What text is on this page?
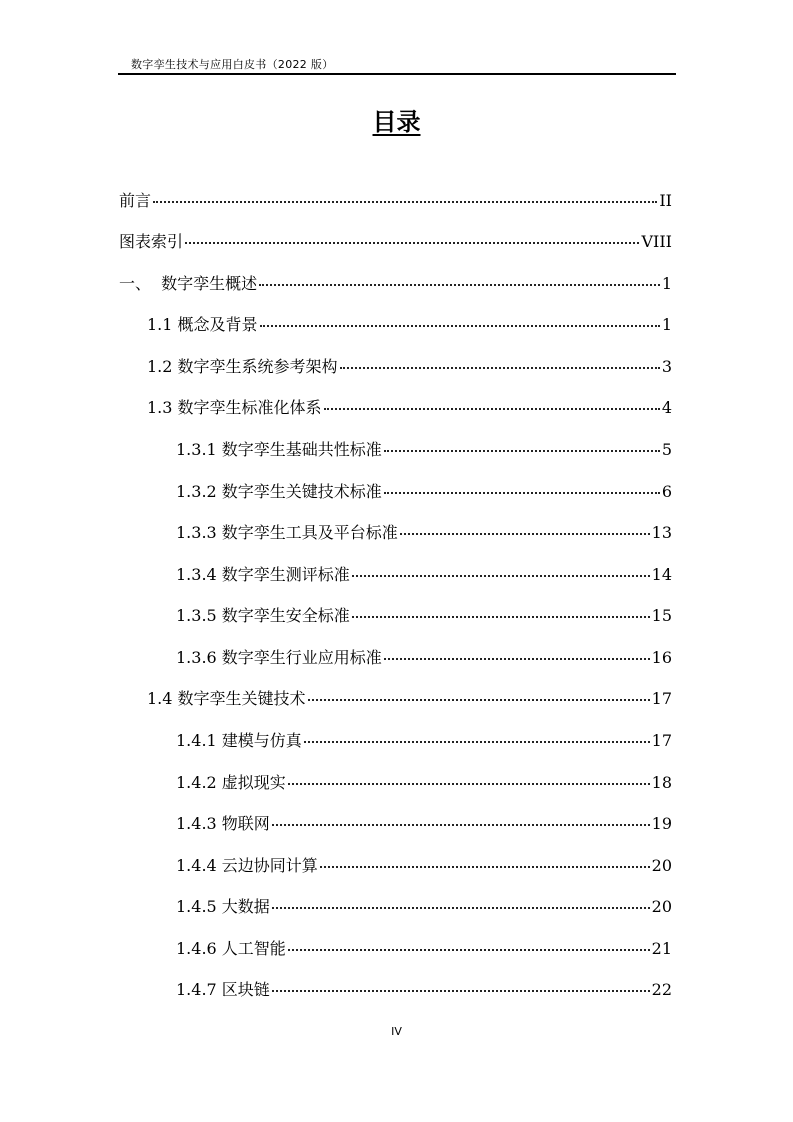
数字孪生技术与应用白皮书（2022 版）
目录
前言	II
图表索引	VIII
一、  数字孪生概述	1
1.1 概念及背景	1
1.2 数字孪生系统参考架构	3
1.3 数字孪生标准化体系	4
1.3.1 数字孪生基础共性标准	5
1.3.2 数字孪生关键技术标准	6
1.3.3 数字孪生工具及平台标准	13
1.3.4 数字孪生测评标准	14
1.3.5 数字孪生安全标准	15
1.3.6 数字孪生行业应用标准	16
1.4 数字孪生关键技术	17
1.4.1 建模与仿真	17
1.4.2 虚拟现实	18
1.4.3 物联网	19
1.4.4 云边协同计算	20
1.4.5 大数据	20
1.4.6 人工智能	21
1.4.7 区块链	22
IV
